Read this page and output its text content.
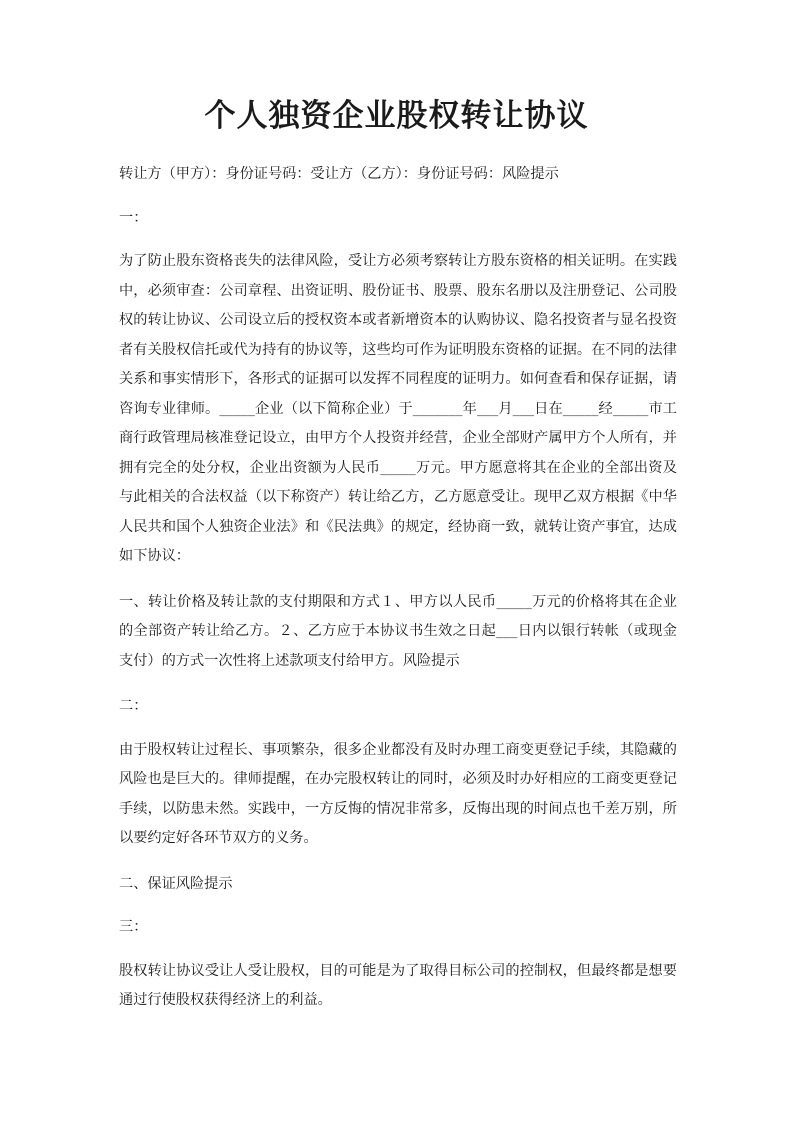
个人独资企业股权转让协议

转让方（甲方）：身份证号码：受让方（乙方）：身份证号码：风险提示

一：

为了防止股东资格丧失的法律风险，受让方必须考察转让方股东资格的相关证明。在实践中，必须审查：公司章程、出资证明、股份证书、股票、股东名册以及注册登记、公司股权的转让协议、公司设立后的授权资本或者新增资本的认购协议、隐名投资者与显名投资者有关股权信托或代为持有的协议等，这些均可作为证明股东资格的证据。在不同的法律关系和事实情形下，各形式的证据可以发挥不同程度的证明力。如何查看和保存证据，请咨询专业律师。_____企业（以下简称企业）于_______年___月___日在_____经_____市工商行政管理局核准登记设立，由甲方个人投资并经营，企业全部财产属甲方个人所有，并拥有完全的处分权，企业出资额为人民币_____万元。甲方愿意将其在企业的全部出资及与此相关的合法权益（以下称资产）转让给乙方，乙方愿意受让。现甲乙双方根据《中华人民共和国个人独资企业法》和《民法典》的规定，经协商一致，就转让资产事宜，达成如下协议：

一、转让价格及转让款的支付期限和方式１、甲方以人民币_____万元的价格将其在企业的全部资产转让给乙方。２、乙方应于本协议书生效之日起___日内以银行转帐（或现金支付）的方式一次性将上述款项支付给甲方。风险提示

二：

由于股权转让过程长、事项繁杂，很多企业都没有及时办理工商变更登记手续，其隐藏的风险也是巨大的。律师提醒，在办完股权转让的同时，必须及时办好相应的工商变更登记手续，以防患未然。实践中，一方反悔的情况非常多，反悔出现的时间点也千差万别，所以要约定好各环节双方的义务。

二、保证风险提示

三：

股权转让协议受让人受让股权，目的可能是为了取得目标公司的控制权，但最终都是想要通过行使股权获得经济上的利益。
